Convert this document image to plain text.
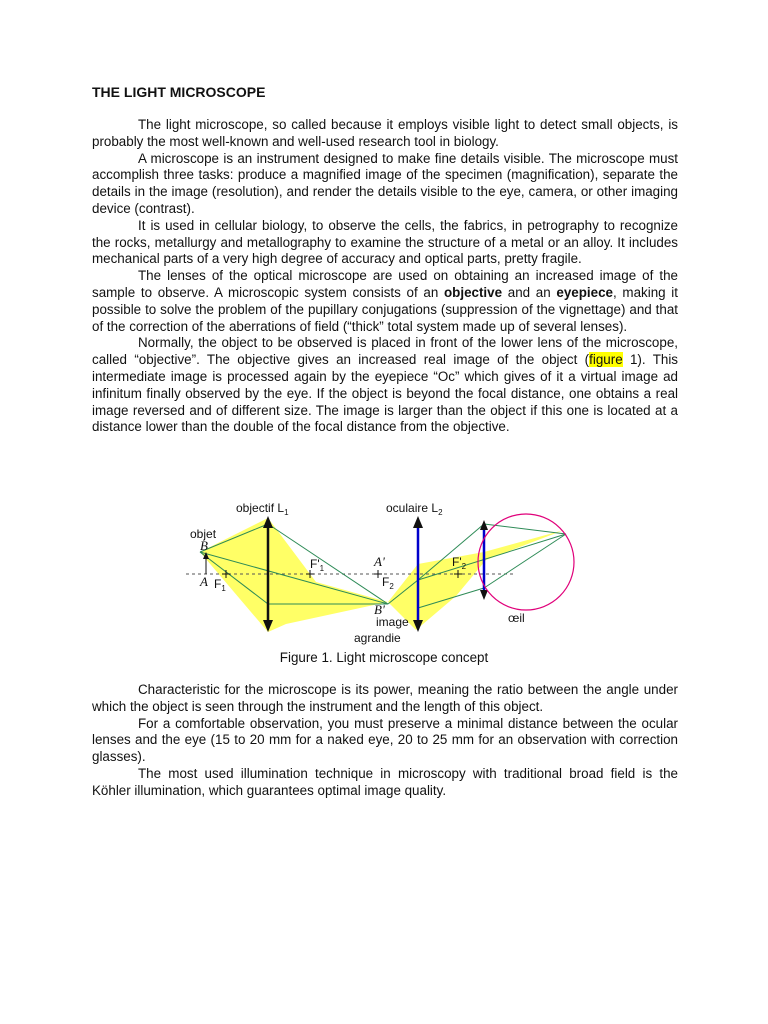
THE LIGHT MICROSCOPE

The light microscope, so called because it employs visible light to detect small objects, is probably the most well-known and well-used research tool in biology.

A microscope is an instrument designed to make fine details visible. The microscope must accomplish three tasks: produce a magnified image of the specimen (magnification), separate the details in the image (resolution), and render the details visible to the eye, camera, or other imaging device (contrast).

It is used in cellular biology, to observe the cells, the fabrics, in petrography to recognize the rocks, metallurgy and metallography to examine the structure of a metal or an alloy. It includes mechanical parts of a very high degree of accuracy and optical parts, pretty fragile.

The lenses of the optical microscope are used on obtaining an increased image of the sample to observe. A microscopic system consists of an objective and an eyepiece, making it possible to solve the problem of the pupillary conjugations (suppression of the vignettage) and that of the correction of the aberrations of field (“thick” total system made up of several lenses).

Normally, the object to be observed is placed in front of the lower lens of the microscope, called “objective”. The objective gives an increased real image of the object (figure 1). This intermediate image is processed again by the eyepiece “Oc” which gives of it a virtual image ad infinitum finally observed by the eye. If the object is beyond the focal distance, one obtains a real image reversed and of different size. The image is larger than the object if this one is located at a distance lower than the double of the focal distance from the objective.

objectif $L_1$	oculaire $L_2$
objet
B
A $F_1$
$F'_1$	A'
$F_2$
$F'_2$
B'
image
agrandie
œil
Figure 1. Light microscope concept

Characteristic for the microscope is its power, meaning the ratio between the angle under which the object is seen through the instrument and the length of this object.

For a comfortable observation, you must preserve a minimal distance between the ocular lenses and the eye (15 to 20 mm for a naked eye, 20 to 25 mm for an observation with correction glasses).

The most used illumination technique in microscopy with traditional broad field is the Köhler illumination, which guarantees optimal image quality.
